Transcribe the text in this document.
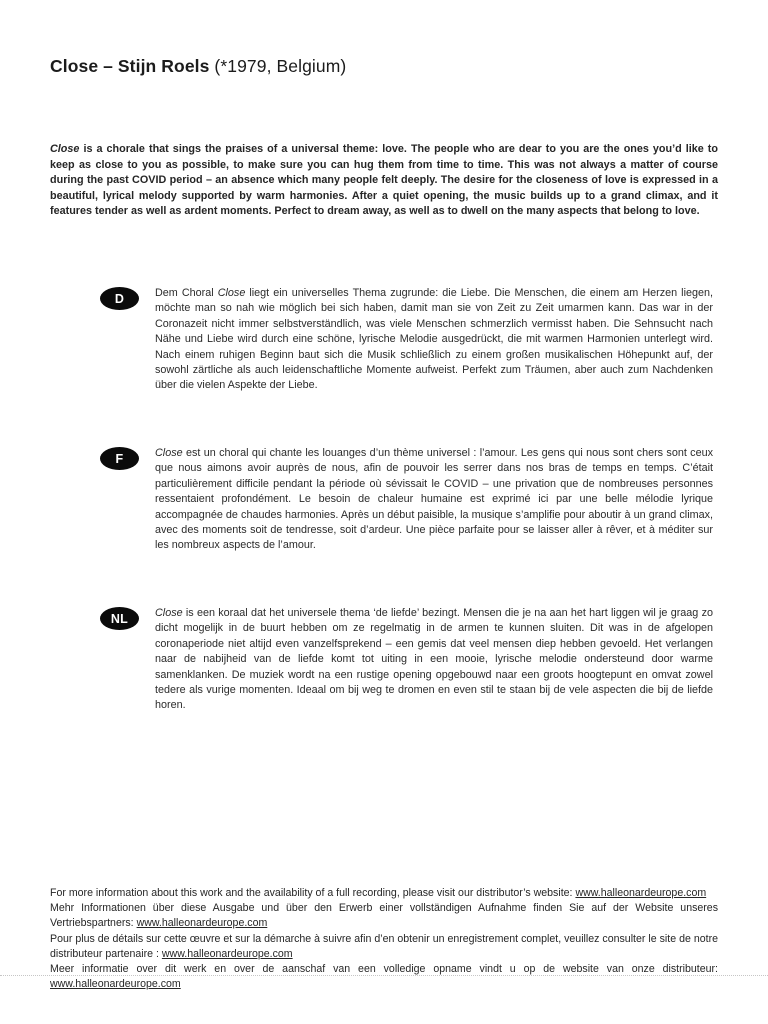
Close – Stijn Roels (*1979, Belgium)

Close is a chorale that sings the praises of a universal theme: love. The people who are dear to you are the ones you’d like to keep as close to you as possible, to make sure you can hug them from time to time. This was not always a matter of course during the past COVID period – an absence which many people felt deeply. The desire for the closeness of love is expressed in a beautiful, lyrical melody supported by warm harmonies. After a quiet opening, the music builds up to a grand climax, and it features tender as well as ardent moments. Perfect to dream away, as well as to dwell on the many aspects that belong to love.

D	Dem Choral Close liegt ein universelles Thema zugrunde: die Liebe. Die Menschen, die einem am Herzen liegen, möchte man so nah wie möglich bei sich haben, damit man sie von Zeit zu Zeit umarmen kann. Das war in der Coronazeit nicht immer selbstverständlich, was viele Menschen schmerzlich vermisst haben. Die Sehnsucht nach Nähe und Liebe wird durch eine schöne, lyrische Melodie ausgedrückt, die mit warmen Harmonien unterlegt wird. Nach einem ruhigen Beginn baut sich die Musik schließlich zu einem großen musikalischen Höhepunkt auf, der sowohl zärtliche als auch leidenschaftliche Momente aufweist. Perfekt zum Träumen, aber auch zum Nachdenken über die vielen Aspekte der Liebe.

F	Close est un choral qui chante les louanges d’un thème universel : l’amour. Les gens qui nous sont chers sont ceux que nous aimons avoir auprès de nous, afin de pouvoir les serrer dans nos bras de temps en temps. C’était particulièrement difficile pendant la période où sévissait le COVID – une privation que de nombreuses personnes ressentaient profondément. Le besoin de chaleur humaine est exprimé ici par une belle mélodie lyrique accompagnée de chaudes harmonies. Après un début paisible, la musique s’amplifie pour aboutir à un grand climax, avec des moments soit de tendresse, soit d’ardeur. Une pièce parfaite pour se laisser aller à rêver, et à méditer sur les nombreux aspects de l’amour.

NL Close is een koraal dat het universele thema ‘de liefde’ bezingt. Mensen die je na aan het hart liggen wil je graag zo dicht mogelijk in de buurt hebben om ze regelmatig in de armen te kunnen sluiten. Dit was in de afgelopen coronaperiode niet altijd even vanzelfsprekend – een gemis dat veel mensen diep hebben gevoeld. Het verlangen naar de nabijheid van de liefde komt tot uiting in een mooie, lyrische melodie ondersteund door warme samenklanken. De muziek wordt na een rustige opening opgebouwd naar een groots hoogtepunt en omvat zowel tedere als vurige momenten. Ideaal om bij weg te dromen en even stil te staan bij de vele aspecten die bij de liefde horen.

For more information about this work and the availability of a full recording, please visit our distributor’s website: www.halleonardeurope.com

Mehr Informationen über diese Ausgabe und über den Erwerb einer vollständigen Aufnahme finden Sie auf der Website unseres Vertriebspartners: www.halleonardeurope.com

Pour plus de détails sur cette œuvre et sur la démarche à suivre afin d’en obtenir un enregistrement complet, veuillez consulter le site de notre distributeur partenaire : www.halleonardeurope.com

Meer informatie over dit werk en over de aanschaf van een volledige opname vindt u op de website van onze distributeur: www.halleonardeurope.com
